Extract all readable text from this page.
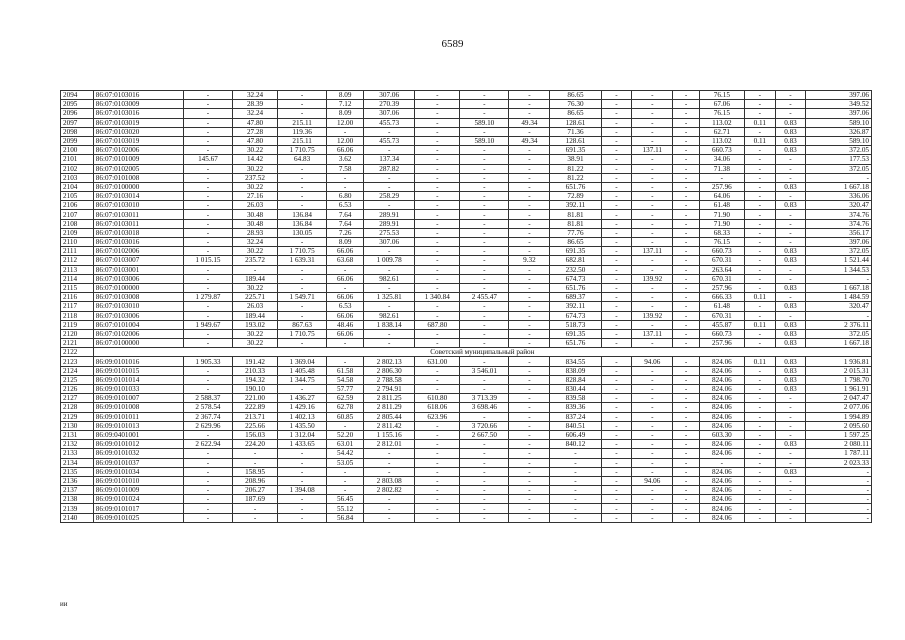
6589
2094	86:07:0103016	-	32.24	-	8.09	307.06	-	-	-	86.65	-	-	-	76.15	-	-	397.06
2095	86:07:0103009	-	28.39	-	7.12	270.39	-	-	-	76.30	-	-	-	67.06	-	-	349.52
2096	86:07:0103016	-	32.24	-	8.09	307.06	-	-	-	86.65	-	-	-	76.15	-	-	397.06
2097	86:07:0103019	-	47.80	215.11	12.00	455.73	-	589.10	49.34	128.61	-	-	-	113.02	0.11	0.83	589.10
2098	86:07:0103020	-	27.28	119.36	-	-	-	-	-	71.36	-	-	-	62.71	-	0.83	326.87
2099	86:07:0103019	-	47.80	215.11	12.00	455.73	-	589.10	49.34	128.61	-	-	-	113.02	0.11	0.83	589.10
2100	86:07:0102006	-	30.22	1 710.75	66.06	-	-	-	-	691.35	-	137.11	-	660.73	-	0.83	372.05
2101	86:07:0101009	145.67	14.42	64.83	3.62	137.34	-	-	-	38.91	-	-	-	34.06	-	-	177.53
2102	86:07:0102005	-	30.22	-	7.58	287.82	-	-	-	81.22	-	-	-	71.38	-	-	372.05
2103	86:07:0101008	-	237.52	-	-	-	-	-	-	81.22	-	-	-	-	-	-	-
2104	86:07:0100000	-	30.22	-	-	-	-	-	-	651.76	-	-	-	257.96	-	0.83	1 667.18
2105	86:07:0103014	-	27.16	-	6.80	258.29	-	-	-	72.89	-	-	-	64.06	-	-	336.06
2106	86:07:0103010	-	26.03	-	6.53	-	-	-	-	392.11	-	-	-	61.48	-	0.83	320.47
2107	86:07:0103011	-	30.48	136.84	7.64	289.91	-	-	-	81.81	-	-	-	71.90	-	-	374.76
2108	86:07:0103011	-	30.48	136.84	7.64	289.91	-	-	-	81.81	-	-	-	71.90	-	-	374.76
2109	86:07:0103018	-	28.93	130.05	7.26	275.53	-	-	-	77.76	-	-	-	68.33	-	-	356.17
2110	86:07:0103016	-	32.24	-	8.09	307.06	-	-	-	86.65	-	-	-	76.15	-	-	397.06
2111	86:07:0102006	-	30.22	1 710.75	66.06	-	-	-	-	691.35	-	137.11	-	660.73	-	0.83	372.05
2112	86:07:0103007	1 015.15	235.72	1 639.31	63.68	1 009.78	-	-	9.32	682.81	-	-	-	670.31	-	0.83	1 521.44
2113	86:07:0103001	-	-	-	-	-	-	-	-	232.50	-	-	-	263.64	-	-	1 344.53
2114	86:07:0103006	-	189.44	-	66.06	982.61	-	-	-	674.73	-	139.92	-	670.31	-	-	-
2115	86:07:0100000	-	30.22	-	-	-	-	-	-	651.76	-	-	-	257.96	-	0.83	1 667.18
2116	86:07:0103008	1 279.87	225.71	1 549.71	66.06	1 325.81	1 340.84	2 455.47	-	689.37	-	-	-	666.33	0.11	-	1 484.59
2117	86:07:0103010	-	26.03	-	6.53	-	-	-	-	392.11	-	-	-	61.48	-	0.83	320.47
2118	86:07:0103006	-	189.44	-	66.06	982.61	-	-	-	674.73	-	139.92	-	670.31	-	-	-
2119	86:07:0101004	1 949.67	193.02	867.63	48.46	1 838.14	687.80	-	-	518.73	-	-	-	455.87	0.11	0.83	2 376.11
2120	86:07:0102006	-	30.22	1 710.75	66.06	-	-	-	-	691.35	-	137.11	-	660.73	-	0.83	372.05
2121	86:07:0100000	-	30.22	-	-	-	-	-	-	651.76	-	-	-	257.96	-	0.83	1 667.18
2122	Советский муниципальный район																
2123	86:09:0101016	1 905.33	191.42	1 369.04	-	2 802.13	631.00	-	-	834.55	-	94.06	-	824.06	0.11	0.83	1 936.81
2124	86:09:0101015	-	210.33	1 405.48	61.58	2 806.30	-	3 546.01	-	838.09	-	-	-	824.06	-	0.83	2 015.31
2125	86:09:0101014	-	194.32	1 344.75	54.58	2 788.58	-	-	-	828.84	-	-	-	824.06	-	0.83	1 798.70
2126	86:09:0101033	-	190.10	-	57.77	2 794.91	-	-	-	830.44	-	-	-	824.06	-	0.83	1 961.91
2127	86:09:0101007	2 588.37	221.00	1 436.27	62.59	2 811.25	610.80	3 713.39	-	839.58	-	-	-	824.06	-	-	2 047.47
2128	86:09:0101008	2 578.54	222.89	1 429.16	62.78	2 811.29	618.06	3 698.46	-	839.36	-	-	-	824.06	-	-	2 077.06
2129	86:09:0101011	2 367.74	213.71	1 402.13	60.85	2 805.44	623.96	-	-	837.24	-	-	-	824.06	-	-	1 994.89
2130	86:09:0101013	2 629.96	225.66	1 435.50	-	2 811.42	-	3 720.66	-	840.51	-	-	-	824.06	-	-	2 095.60
2131	86:09:0401001	-	156.03	1 312.04	52.20	1 155.16	-	2 667.50	-	606.49	-	-	-	603.30	-	-	1 597.25
2132	86:09:0101012	2 622.94	224.20	1 433.65	63.01	2 812.01	-	-	-	840.12	-	-	-	824.06	-	0.83	2 080.11
2133	86:09:0101032	-	-	-	54.42	-	-	-	-	-	-	-	-	824.06	-	-	1 787.11
2134	86:09:0101037	-	-	-	53.05	-	-	-	-	-	-	-	-	-	-	-	2 023.33
2135	86:09:0101034	-	158.95	-	-	-	-	-	-	-	-	-	-	824.06	-	0.83	-
2136	86:09:0101010	-	208.96	-	-	2 803.08	-	-	-	-	-	94.06	-	824.06	-	-	-
2137	86:09:0101009	-	206.27	1 394.08	-	2 802.82	-	-	-	-	-	-	-	824.06	-	-	-
2138	86:09:0101024	-	187.69	-	56.45	-	-	-	-	-	-	-	-	824.06	-	-	-
2139	86:09:0101017	-	-	-	55.12	-	-	-	-	-	-	-	-	824.06	-	-	-
2140	86:09:0101025	-	-	-	56.84	-	-	-	-	-	-	-	-	824.06	-	-	-
ии
